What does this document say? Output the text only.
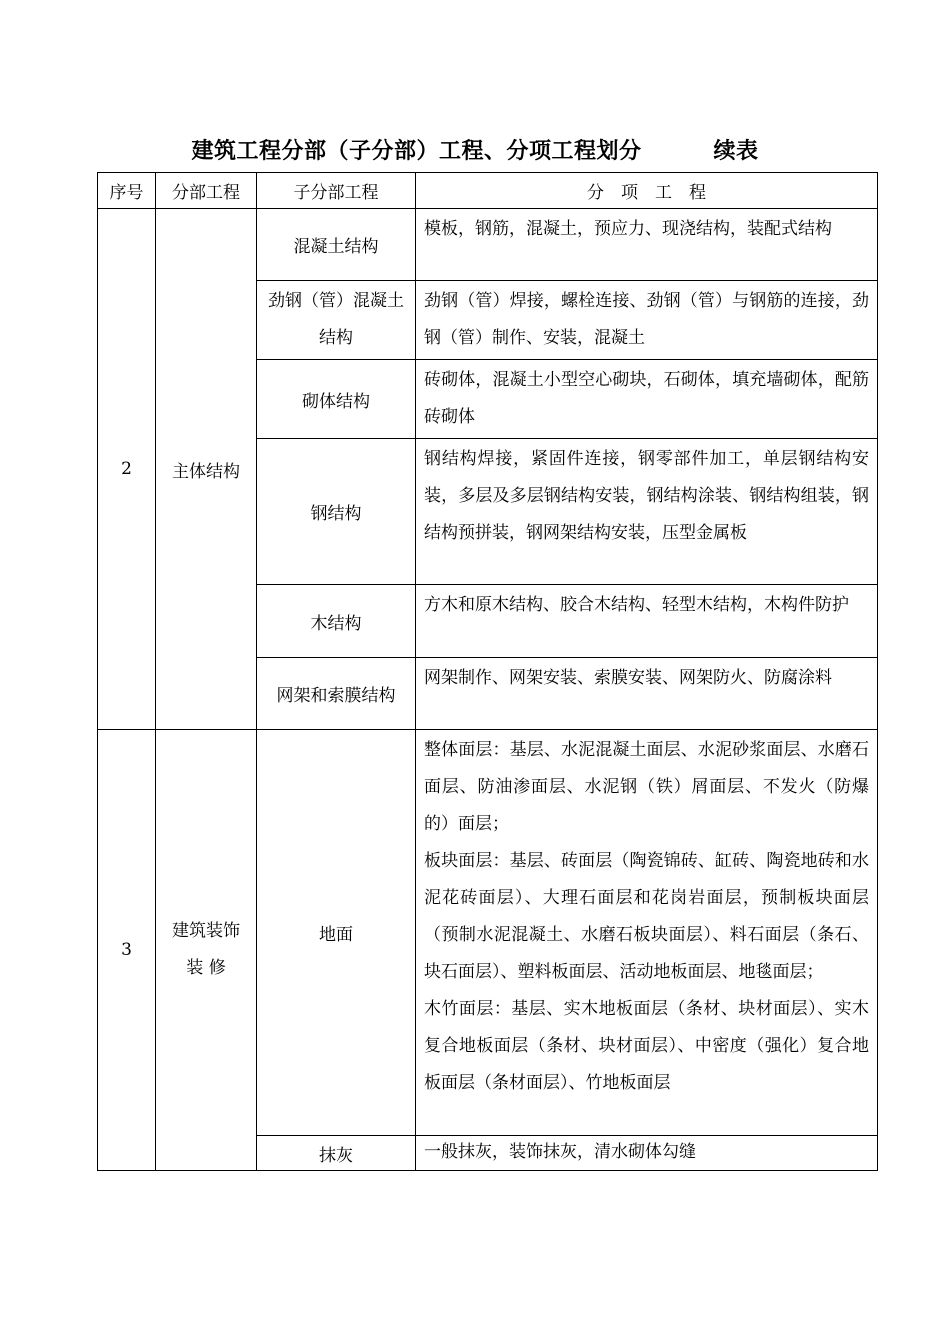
建筑工程分部（子分部）工程、分项工程划分	续表
序号	分部工程	子分部工程	分　项　工　程
2	主体结构	混凝土结构	模板，钢筋，混凝土，预应力、现浇结构，装配式结构
		劲钢（管）混凝土结构	劲钢（管）焊接，螺栓连接、劲钢（管）与钢筋的连接，劲钢（管）制作、安装，混凝土
		砌体结构	砖砌体，混凝土小型空心砌块，石砌体，填充墙砌体，配筋砖砌体
		钢结构	钢结构焊接，紧固件连接，钢零部件加工，单层钢结构安装，多层及多层钢结构安装，钢结构涂装、钢结构组装，钢结构预拼装，钢网架结构安装，压型金属板
		木结构	方木和原木结构、胶合木结构、轻型木结构，木构件防护
		网架和索膜结构	网架制作、网架安装、索膜安装、网架防火、防腐涂料
3	建筑装饰装 修	地面	整体面层：基层、水泥混凝土面层、水泥砂浆面层、水磨石面层、防油渗面层、水泥钢（铁）屑面层、不发火（防爆的）面层；
板块面层：基层、砖面层（陶瓷锦砖、缸砖、陶瓷地砖和水泥花砖面层）、大理石面层和花岗岩面层，预制板块面层（预制水泥混凝土、水磨石板块面层）、料石面层（条石、块石面层）、塑料板面层、活动地板面层、地毯面层；
木竹面层：基层、实木地板面层（条材、块材面层）、实木复合地板面层（条材、块材面层）、中密度（强化）复合地板面层（条材面层）、竹地板面层

		抹灰	一般抹灰，装饰抹灰，清水砌体勾缝
